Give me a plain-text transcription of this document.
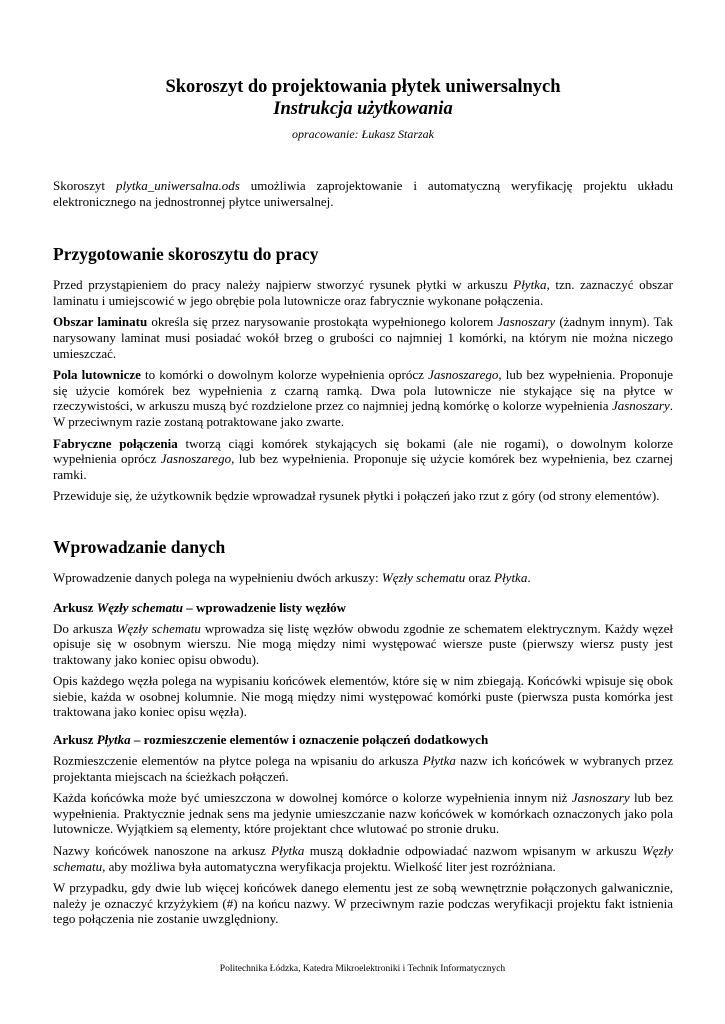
Skoroszyt do projektowania płytek uniwersalnych

Instrukcja użytkowania

opracowanie: Łukasz Starzak

Skoroszyt plytka_uniwersalna.ods umożliwia zaprojektowanie i automatyczną weryfikację projektu układu elektronicznego na jednostronnej płytce uniwersalnej.

Przygotowanie skoroszytu do pracy

Przed przystąpieniem do pracy należy najpierw stworzyć rysunek płytki w arkuszu Płytka, tzn. zaznaczyć obszar laminatu i umiejscowić w jego obrębie pola lutownicze oraz fabrycznie wykonane połączenia.

Obszar laminatu określa się przez narysowanie prostokąta wypełnionego kolorem Jasnoszary (żadnym innym). Tak narysowany laminat musi posiadać wokół brzeg o grubości co najmniej 1 komórki, na którym nie można niczego umieszczać.

Pola lutownicze to komórki o dowolnym kolorze wypełnienia oprócz Jasnoszarego, lub bez wypełnienia. Proponuje się użycie komórek bez wypełnienia z czarną ramką. Dwa pola lutownicze nie stykające się na płytce w rzeczywistości, w arkuszu muszą być rozdzielone przez co najmniej jedną komórkę o kolorze wypełnienia Jasnoszary. W przeciwnym razie zostaną potraktowane jako zwarte.

Fabryczne połączenia tworzą ciągi komórek stykających się bokami (ale nie rogami), o dowolnym kolorze wypełnienia oprócz Jasnoszarego, lub bez wypełnienia. Proponuje się użycie komórek bez wypełnienia, bez czarnej ramki.

Przewiduje się, że użytkownik będzie wprowadzał rysunek płytki i połączeń jako rzut z góry (od strony elementów).

Wprowadzanie danych

Wprowadzenie danych polega na wypełnieniu dwóch arkuszy: Węzły schematu oraz Płytka.

Arkusz Węzły schematu – wprowadzenie listy węzłów

Do arkusza Węzły schematu wprowadza się listę węzłów obwodu zgodnie ze schematem elektrycznym. Każdy węzeł opisuje się w osobnym wierszu. Nie mogą między nimi występować wiersze puste (pierwszy wiersz pusty jest traktowany jako koniec opisu obwodu).

Opis każdego węzła polega na wypisaniu końcówek elementów, które się w nim zbiegają. Końcówki wpisuje się obok siebie, każda w osobnej kolumnie. Nie mogą między nimi występować komórki puste (pierwsza pusta komórka jest traktowana jako koniec opisu węzła).

Arkusz Płytka – rozmieszczenie elementów i oznaczenie połączeń dodatkowych

Rozmieszczenie elementów na płytce polega na wpisaniu do arkusza Płytka nazw ich końcówek w wybranych przez projektanta miejscach na ścieżkach połączeń.

Każda końcówka może być umieszczona w dowolnej komórce o kolorze wypełnienia innym niż Jasnoszary lub bez wypełnienia. Praktycznie jednak sens ma jedynie umieszczanie nazw końcówek w komórkach oznaczonych jako pola lutownicze. Wyjątkiem są elementy, które projektant chce wlutować po stronie druku.

Nazwy końcówek nanoszone na arkusz Płytka muszą dokładnie odpowiadać nazwom wpisanym w arkuszu Węzły schematu, aby możliwa była automatyczna weryfikacja projektu. Wielkość liter jest rozróżniana.

W przypadku, gdy dwie lub więcej końcówek danego elementu jest ze sobą wewnętrznie połączonych galwanicznie, należy je oznaczyć krzyżykiem (#) na końcu nazwy. W przeciwnym razie podczas weryfikacji projektu fakt istnienia tego połączenia nie zostanie uwzględniony.

Politechnika Łódzka, Katedra Mikroelektroniki i Technik Informatycznych
